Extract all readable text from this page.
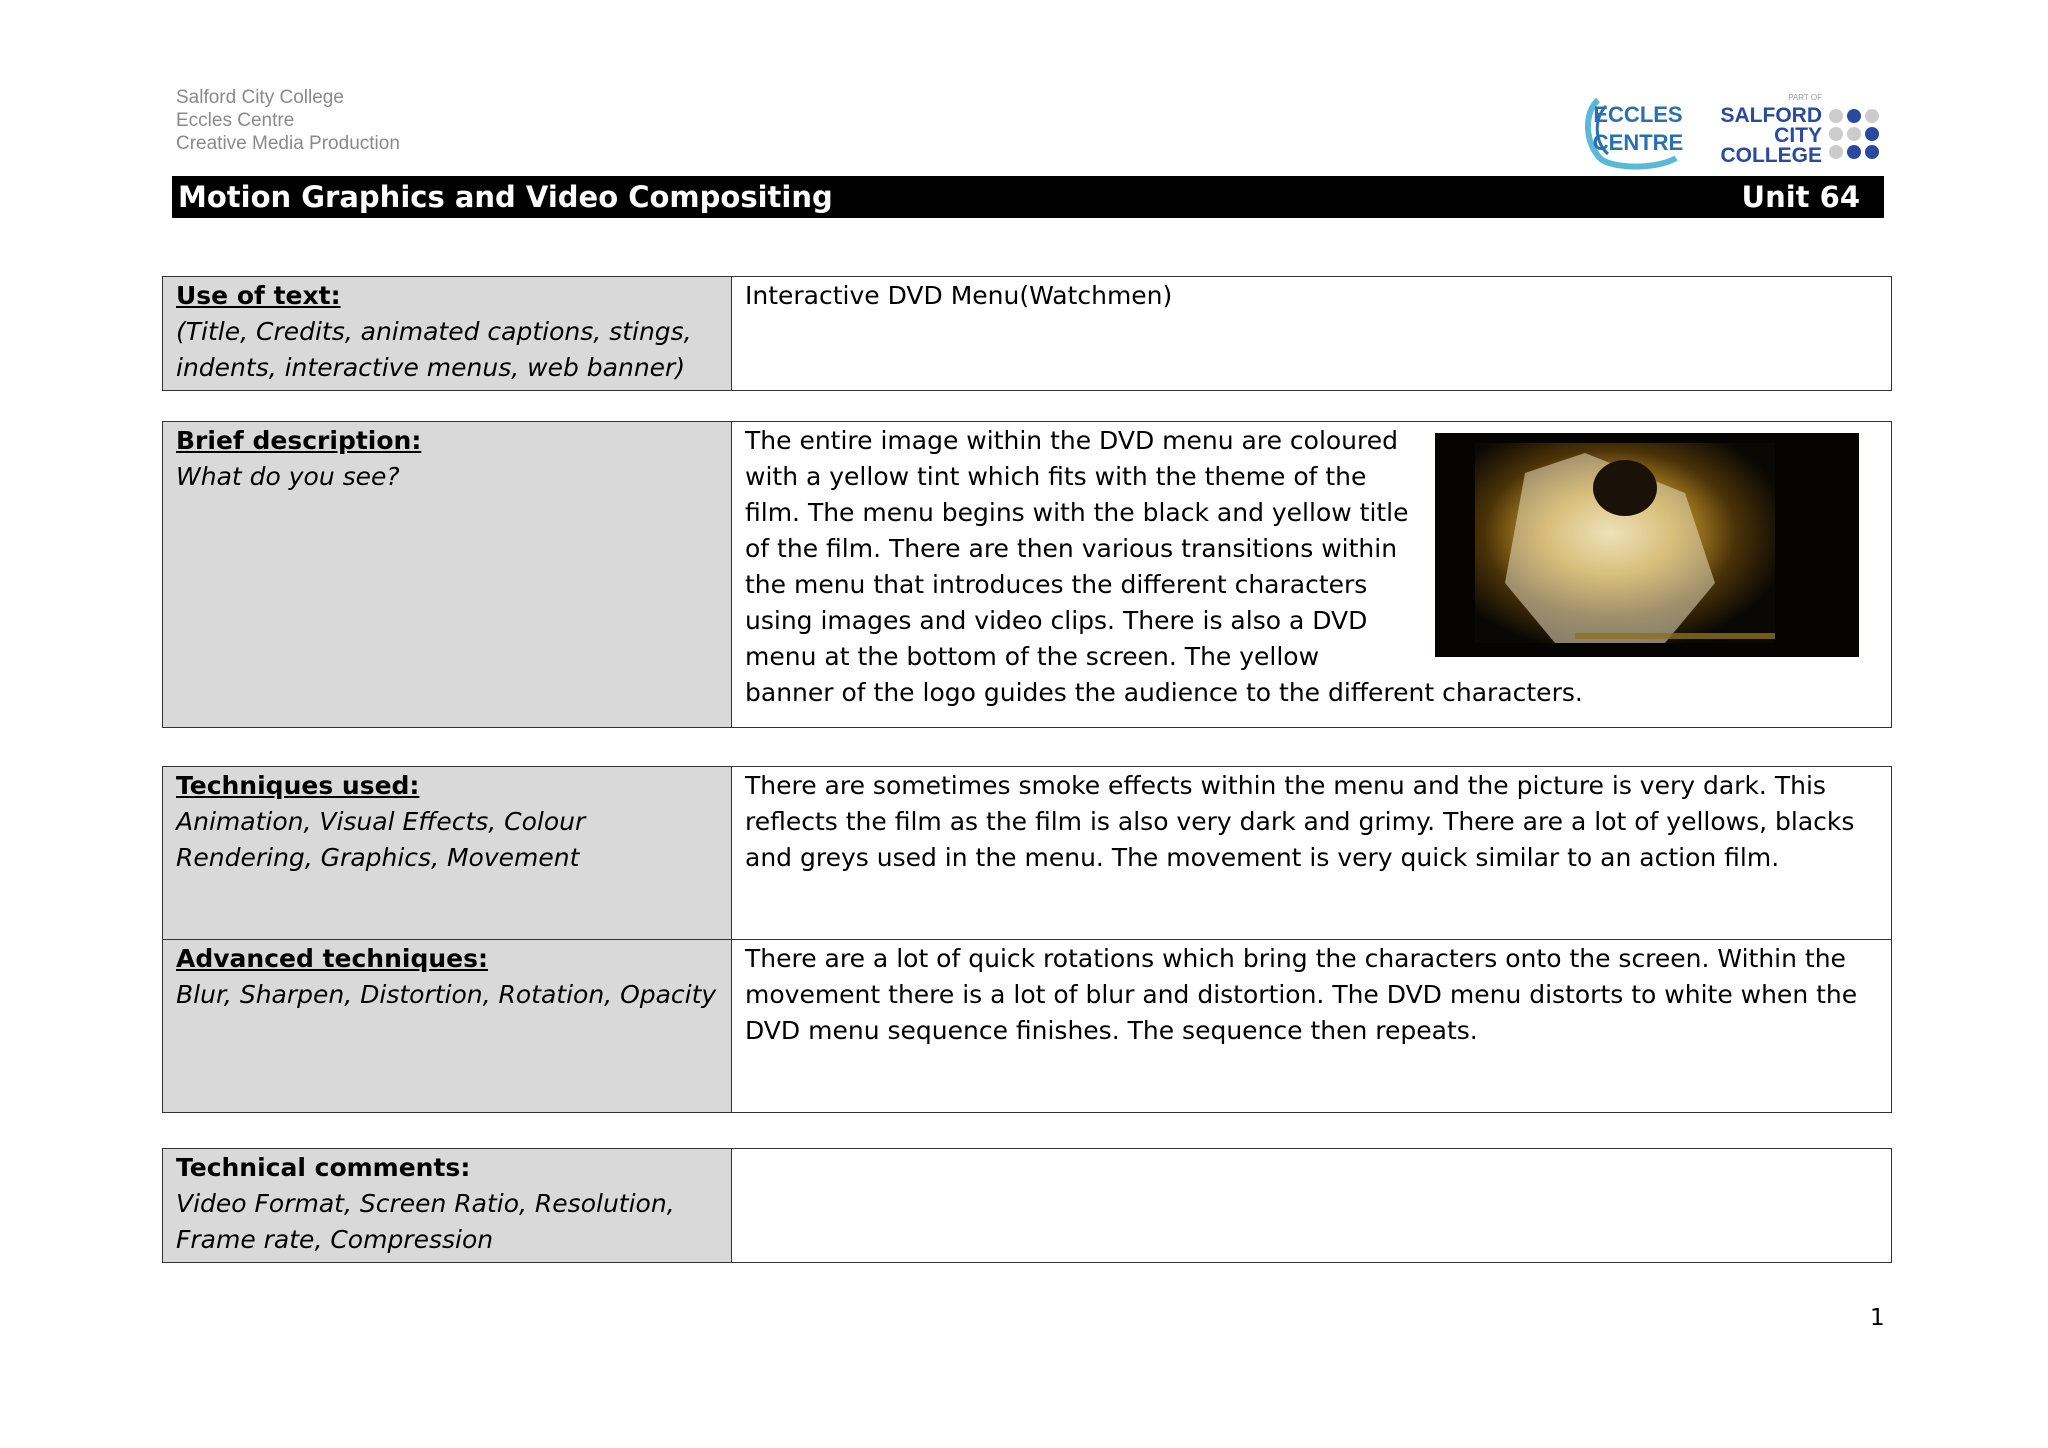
Salford City College
Eccles Centre
Creative Media Production
ECCLES
CENTRE
PART OF
SALFORD
CITY
COLLEGE
Motion Graphics and Video Compositing	Unit 64
Use of text:
(Title, Credits, animated captions, stings, indents, interactive menus, web banner)
	Interactive DVD Menu(Watchmen)
Brief description:
What do you see?

The entire image within the DVD menu are coloured with a yellow tint which fits with the theme of the film. The menu begins with the black and yellow title of the film. There are then various transitions within the menu that introduces the different characters using images and video clips. There is also a DVD menu at the bottom of the screen. The yellow banner of the logo guides the audience to the different characters.
Techniques used:
Animation, Visual Effects, Colour Rendering, Graphics, Movement	There are sometimes smoke effects within the menu and the picture is very dark. This reflects the film as the film is also very dark and grimy. There are a lot of yellows, blacks and greys used in the menu. The movement is very quick similar to an action film.

Advanced techniques:
Blur, Sharpen, Distortion, Rotation, Opacity	There are a lot of quick rotations which bring the characters onto the screen. Within the movement there is a lot of blur and distortion. The DVD menu distorts to white when the DVD menu sequence finishes. The sequence then repeats.
Technical comments:
Video Format, Screen Ratio, Resolution, Frame rate, Compression

1
